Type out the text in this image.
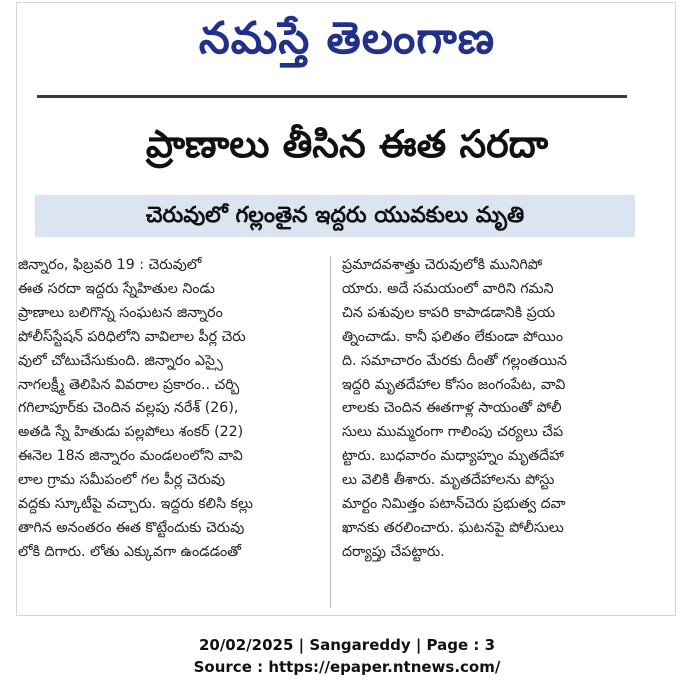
నమస్తే తెలంగాణ
ప్రాణాలు తీసిన ఈత సరదా
చెరువులో గల్లంతైన ఇద్దరు యువకులు మృతి
జిన్నారం, ఫిబ్రవరి 19 : చెరువులో
ఈత సరదా ఇద్దరు స్నేహితుల నిండు
ప్రాణాలు బలిగొన్న సంఘటన జిన్నారం
పోలీస్‌స్టేషన్ పరిధిలోని వావిలాల పీర్ల చెరు
వులో చోటుచేసుకుంది. జిన్నారం ఎస్సై
నాగలక్ష్మీ తెలిపిన వివరాల ప్రకారం.. చర్బి
గగిలాపూర్‌కు చెందిన వల్లపు నరేశ్ (26),
అతడి స్నే హితుడు పల్లపోలు శంకర్ (22)
ఈనెల 18న జిన్నారం మండలంలోని వావి
లాల గ్రామ సమీపంలో గల పీర్ల చెరువు
వద్దకు స్కూటీపై వచ్చారు. ఇద్దరు కలిసి కల్లు
తాగిన అనంతరం ఈత కొట్టేందుకు చెరువు
లోకి దిగారు. లోతు ఎక్కువగా ఉండడంతో
ప్రమాదవశాత్తు చెరువులోకి మునిగిపో
యారు. అదే సమయంలో వారిని గమని
చిన పశువుల కాపరి కాపాడడానికి ప్రయ
త్నించాడు. కానీ ఫలితం లేకుండా పోయిం
ది. సమాచారం మేరకు దీంతో గల్లంతయిన
ఇద్దరి మృతదేహాల కోసం జంగంపేట, వావి
లాలకు చెందిన ఈతగాళ్ల సాయంతో పోలీ
సులు ముమ్మరంగా గాలింపు చర్యలు చేప
ట్టారు. బుధవారం మధ్యాహ్నం మృతదేహా
లు వెలికి తీశారు. మృతదేహాలను పోస్టు
మార్టం నిమిత్తం పటాన్‌చెరు ప్రభుత్వ దవా
ఖానకు తరలించారు. ఘటనపై పోలీసులు
దర్యాప్తు చేపట్టారు.
20/02/2025 | Sangareddy | Page : 3
Source : https://epaper.ntnews.com/
